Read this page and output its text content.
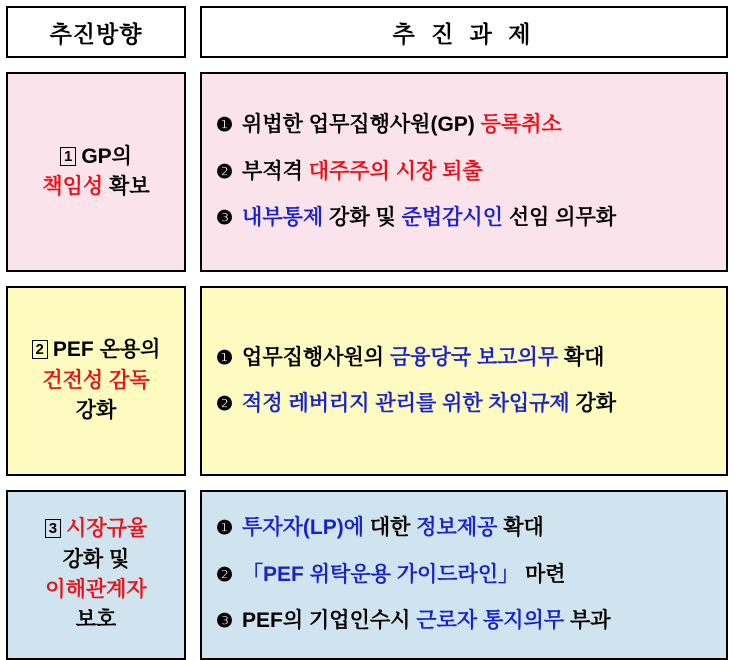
추진방향	추 진 과 제
1 GP의
책임성 확보
❶ 위법한 업무집행사원(GP) 등록취소
❷ 부적격 대주주의 시장 퇴출
❸ 내부통제 강화 및 준법감시인 선임 의무화
2 PEF 온용의
건전성 감독
강화
❶ 업무집행사원의 금융당국 보고의무 확대
❷ 적정 레버리지 관리를 위한 차입규제 강화
3 시장규율
강화 및
이해관계자
보호
❶ 투자자(LP)에 대한 정보제공 확대
❷ 「PEF 위탁운용 가이드라인」 마련
❸ PEF의 기업인수시 근로자 통지의무 부과
